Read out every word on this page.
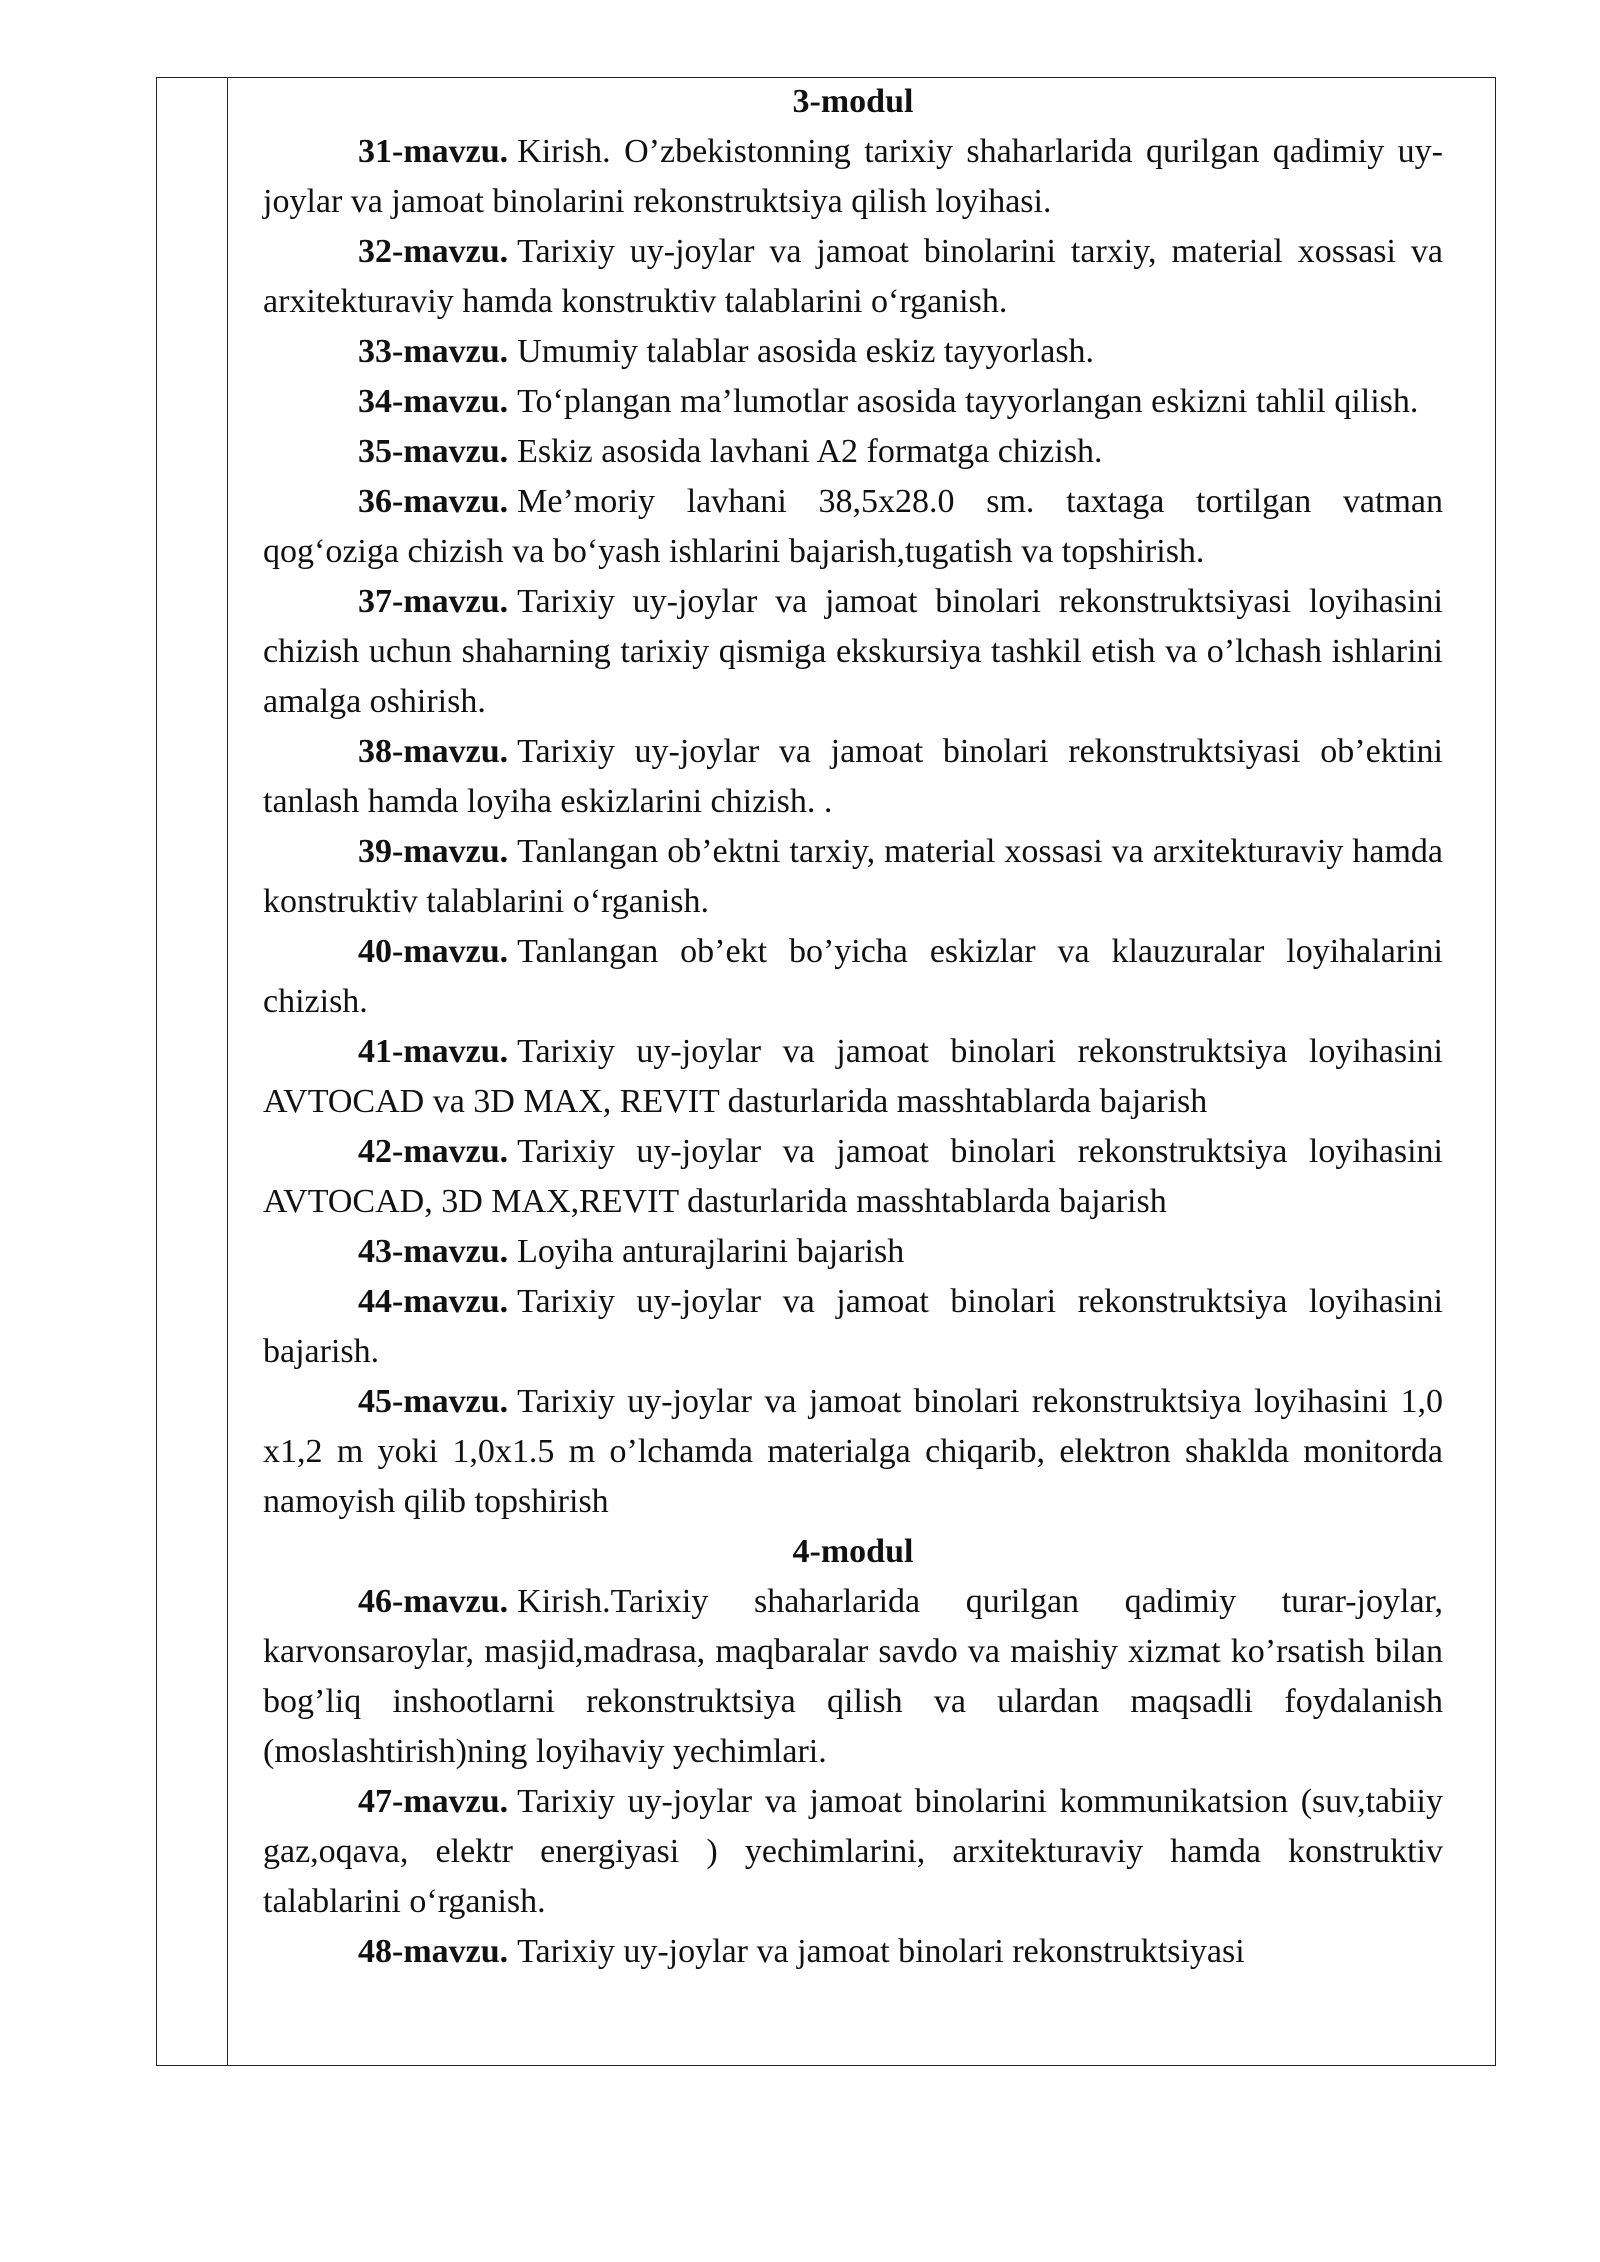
3-modul

31-mavzu. Kirish. O’zbekistonning tarixiy shaharlarida qurilgan qadimiy uy-joylar va jamoat binolarini rekonstruktsiya qilish loyihasi.

32-mavzu. Tarixiy uy-joylar va jamoat binolarini tarxiy, material xossasi va arxitekturaviy hamda konstruktiv talablarini o‘rganish.

33-mavzu. Umumiy talablar asosida eskiz tayyorlash.

34-mavzu. To‘plangan ma’lumotlar asosida tayyorlangan eskizni tahlil qilish.

35-mavzu. Eskiz asosida lavhani A2 formatga chizish.

36-mavzu. Me’moriy lavhani 38,5x28.0 sm. taxtaga tortilgan vatman qog‘oziga chizish va bo‘yash ishlarini bajarish,tugatish va topshirish.

37-mavzu. Tarixiy uy-joylar va jamoat binolari rekonstruktsiyasi loyihasini chizish uchun shaharning tarixiy qismiga ekskursiya tashkil etish va o’lchash ishlarini amalga oshirish.

38-mavzu. Tarixiy uy-joylar va jamoat binolari rekonstruktsiyasi ob’ektini tanlash hamda loyiha eskizlarini chizish. .

39-mavzu. Tanlangan ob’ektni tarxiy, material xossasi va arxitekturaviy hamda konstruktiv talablarini o‘rganish.

40-mavzu. Tanlangan ob’ekt bo’yicha eskizlar va klauzuralar loyihalarini chizish.

41-mavzu. Tarixiy uy-joylar va jamoat binolari rekonstruktsiya loyihasini AVTOCAD va 3D MAX, REVIT dasturlarida masshtablarda bajarish

42-mavzu. Tarixiy uy-joylar va jamoat binolari rekonstruktsiya loyihasini AVTOCAD, 3D MAX,REVIT dasturlarida masshtablarda bajarish

43-mavzu. Loyiha anturajlarini bajarish

44-mavzu. Tarixiy uy-joylar va jamoat binolari rekonstruktsiya loyihasini bajarish.

45-mavzu. Tarixiy uy-joylar va jamoat binolari rekonstruktsiya loyihasini 1,0 x1,2 m yoki 1,0x1.5 m o’lchamda materialga chiqarib, elektron shaklda monitorda namoyish qilib topshirish

4-modul

46-mavzu. Kirish.Tarixiy shaharlarida qurilgan qadimiy turar-joylar, karvonsaroylar, masjid,madrasa, maqbaralar savdo va maishiy xizmat ko’rsatish bilan bog’liq inshootlarni rekonstruktsiya qilish va ulardan maqsadli foydalanish (moslashtirish)ning loyihaviy yechimlari.

47-mavzu. Tarixiy uy-joylar va jamoat binolarini kommunikatsion (suv,tabiiy gaz,oqava, elektr energiyasi ) yechimlarini, arxitekturaviy hamda konstruktiv talablarini o‘rganish.

48-mavzu. Tarixiy uy-joylar va jamoat binolari rekonstruktsiyasi
